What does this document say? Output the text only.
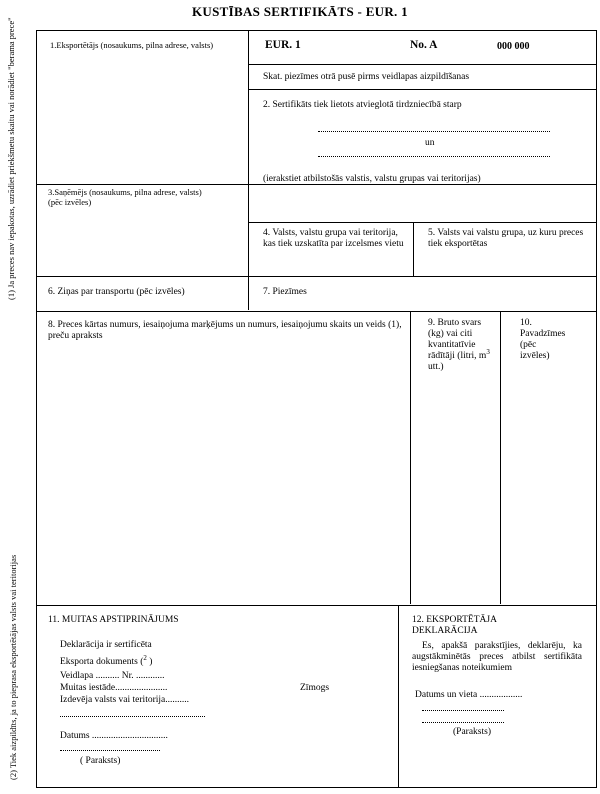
KUSTĪBAS SERTIFIKĀTS - EUR. 1
1.Eksportētājs (nosaukums, pilna adrese, valsts)	EUR. 1	No. A	000 000
Skat. piezīmes otrā pusē pirms veidlapas aizpildīšanas
2. Sertifikāts tiek lietots atvieglotā tirdzniecībā starp
un
(ierakstiet atbilstošās valstis, valstu grupas vai teritorijas)
3.Saņēmējs (nosaukums, pilna adrese, valsts)
(pēc izvēles)
4. Valsts, valstu grupa vai teritorija, kas tiek uzskatīta par izcelsmes vietu
5. Valsts vai valstu grupa, uz kuru preces tiek eksportētas
6. Ziņas par transportu (pēc izvēles)	7. Piezīmes
8. Preces kārtas numurs, iesaiņojuma marķējums un numurs, iesaiņojumu skaits un veids (1), preču apraksts
9. Bruto svars (kg) vai citi kvantitatīvie rādītāji (litri, $m^3$ utt.)
10. Pavadzīmes (pēc izvēles)
11. MUITAS APSTIPRINĀJUMS
Deklarācija ir sertificēta
Eksporta dokuments ($^2$ )
Veidlapa .......... Nr. ............
Muitas iestāde......................
Izdevēja valsts vai teritorija..........
Datums ................................
( Paraksts)
Zīmogs
12. EKSPORTĒTĀJA DEKLARĀCIJA
Es, apakšā parakstījies, deklarēju, ka augstākminētās preces atbilst sertifikāta iesniegšanas noteikumiem
Datums un vieta ..................
(Paraksts)
(1) Ja preces nav iepakotas, uzrādiet priekšmetu skaitu vai norādiet "berama prece"
(2) Tiek aizpildīts, ja to pieprasa eksportētājas valsts vai teritorijas
